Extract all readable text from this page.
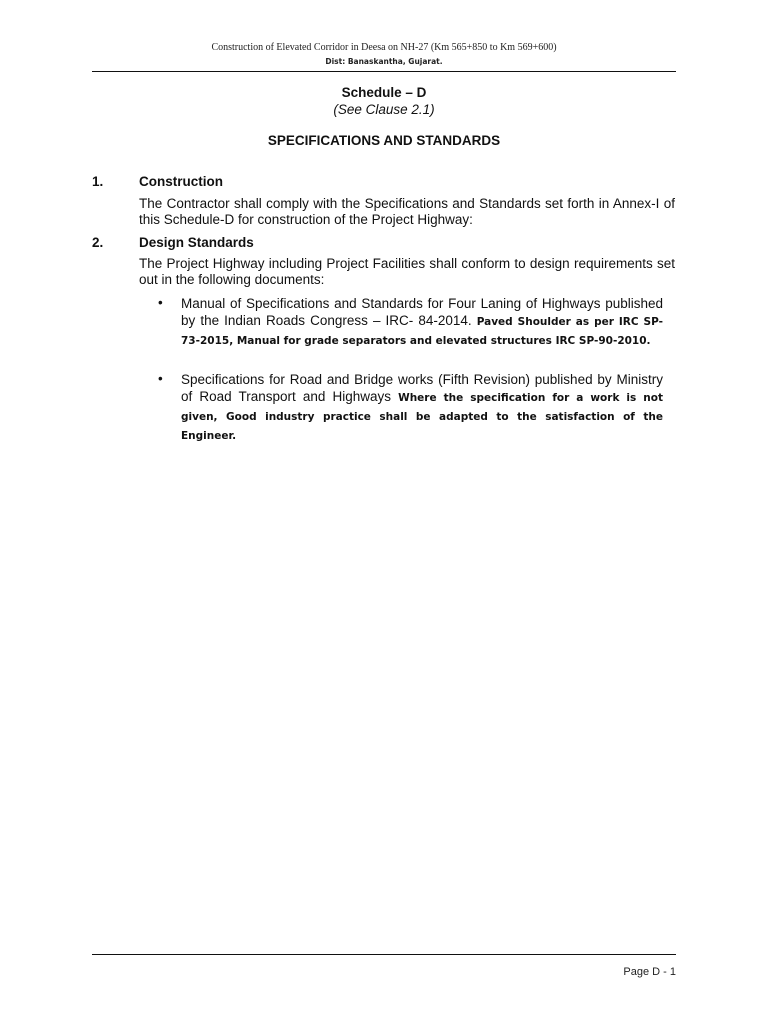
Construction of Elevated Corridor in Deesa on NH-27 (Km 565+850 to Km 569+600)
Dist: Banaskantha, Gujarat.
Schedule – D
(See Clause 2.1)
SPECIFICATIONS AND STANDARDS
1.	Construction
The Contractor shall comply with the Specifications and Standards set forth in Annex-I of this Schedule-D for construction of the Project Highway:
2.	Design Standards
The Project Highway including Project Facilities shall conform to design requirements set out in the following documents:
• Manual of Specifications and Standards for Four Laning of Highways published by the Indian Roads Congress – IRC- 84-2014. Paved Shoulder as per IRC SP-73-2015, Manual for grade separators and elevated structures IRC SP-90-2010.
• Specifications for Road and Bridge works (Fifth Revision) published by Ministry of Road Transport and Highways Where the specification for a work is not given, Good industry practice shall be adapted to the satisfaction of the Engineer.
Page D - 1
